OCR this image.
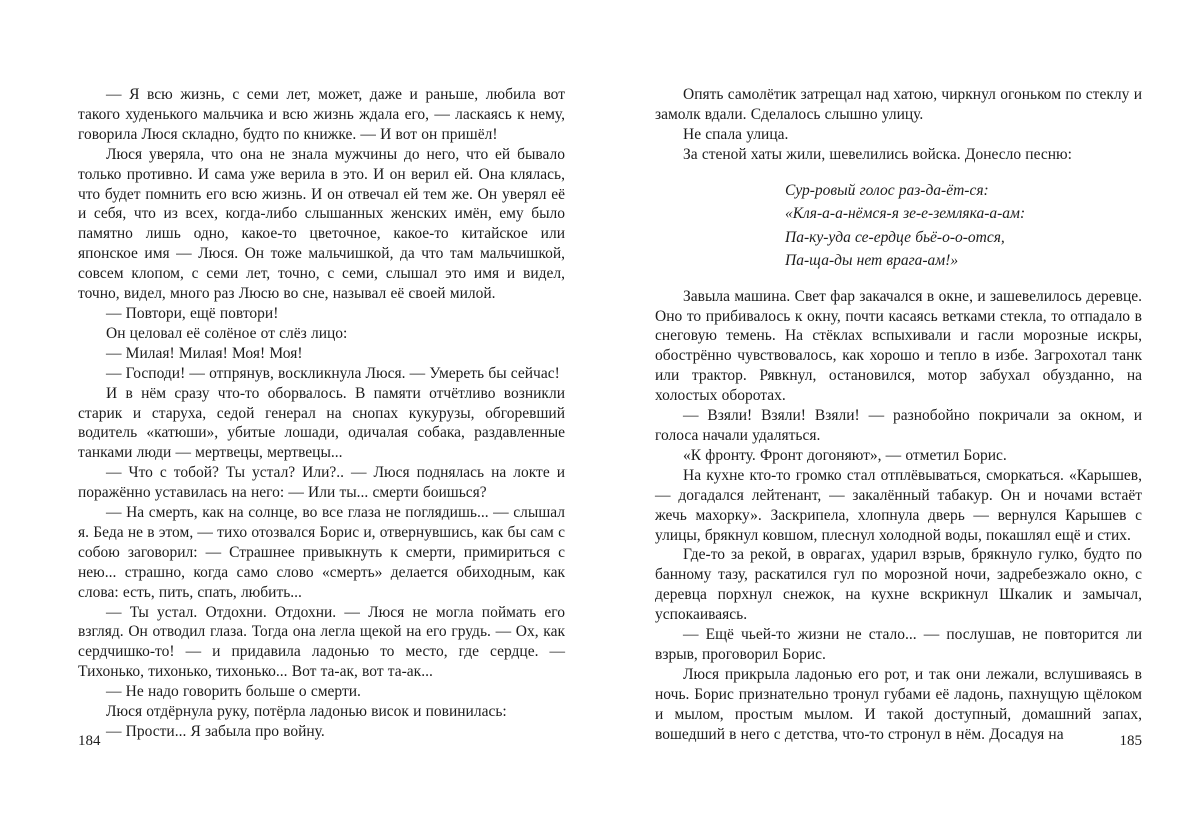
— Я всю жизнь, с семи лет, может, даже и раньше, любила вот такого худенького мальчика и всю жизнь ждала его, — ласкаясь к нему, говорила Люся складно, будто по книжке. — И вот он пришёл!

Люся уверяла, что она не знала мужчины до него, что ей бывало только противно. И сама уже верила в это. И он верил ей. Она клялась, что будет помнить его всю жизнь. И он отвечал ей тем же. Он уверял её и себя, что из всех, когда-либо слышанных женских имён, ему было памятно лишь одно, какое-то цветочное, какое-то китайское или японское имя — Люся. Он тоже мальчишкой, да что там мальчишкой, совсем клопом, с семи лет, точно, с семи, слышал это имя и видел, точно, видел, много раз Люсю во сне, называл её своей милой.

— Повтори, ещё повтори!

Он целовал её солёное от слёз лицо:

— Милая! Милая! Моя! Моя!

— Господи! — отпрянув, воскликнула Люся. — Умереть бы сейчас!

И в нём сразу что-то оборвалось. В памяти отчётливо возникли старик и старуха, седой генерал на снопах кукурузы, обгоревший водитель «катюши», убитые лошади, одичалая собака, раздавленные танками люди — мертвецы, мертвецы...

— Что с тобой? Ты устал? Или?.. — Люся поднялась на локте и поражённо уставилась на него: — Или ты... смерти боишься?

— На смерть, как на солнце, во все глаза не поглядишь... — слышал я. Беда не в этом, — тихо отозвался Борис и, отвернувшись, как бы сам с собою заговорил: — Страшнее привыкнуть к смерти, примириться с нею... страшно, когда само слово «смерть» делается обиходным, как слова: есть, пить, спать, любить...

— Ты устал. Отдохни. Отдохни. — Люся не могла поймать его взгляд. Он отводил глаза. Тогда она легла щекой на его грудь. — Ох, как сердчишко-то! — и придавила ладонью то место, где сердце. — Тихонько, тихонько, тихонько... Вот та-ак, вот та-ак...

— Не надо говорить больше о смерти.

Люся отдёрнула руку, потёрла ладонью висок и повинилась:

— Прости... Я забыла про войну.

Опять самолётик затрещал над хатою, чиркнул огоньком по стеклу и замолк вдали. Сделалось слышно улицу.

Не спала улица.

За стеной хаты жили, шевелились войска. Донесло песню:

Сур-ровый голос раз-да-ёт-ся:
«Кля-а-а-нёмся-я зе-е-земляка-а-ам:
Па-ку-уда се-ердце бьё-о-о-отся,
Па-ща-ды нет врага-ам!»

Завыла машина. Свет фар закачался в окне, и зашевелилось деревце. Оно то прибивалось к окну, почти касаясь ветками стекла, то отпадало в снеговую темень. На стёклах вспыхивали и гасли морозные искры, обострённо чувствовалось, как хорошо и тепло в избе. Загрохотал танк или трактор. Рявкнул, остановился, мотор забухал обузданно, на холостых оборотах.

— Взяли! Взяли! Взяли! — разнобойно покричали за окном, и голоса начали удаляться.

«К фронту. Фронт догоняют», — отметил Борис.

На кухне кто-то громко стал отплёвываться, сморкаться. «Карышев, — догадался лейтенант, — закалённый табакур. Он и ночами встаёт жечь махорку». Заскрипела, хлопнула дверь — вернулся Карышев с улицы, брякнул ковшом, плеснул холодной воды, покашлял ещё и стих.

Где-то за рекой, в оврагах, ударил взрыв, брякнуло гулко, будто по банному тазу, раскатился гул по морозной ночи, задребезжало окно, с деревца порхнул снежок, на кухне вскрикнул Шкалик и замычал, успокаиваясь.

— Ещё чьей-то жизни не стало... — послушав, не повторится ли взрыв, проговорил Борис.

Люся прикрыла ладонью его рот, и так они лежали, вслушиваясь в ночь. Борис признательно тронул губами её ладонь, пахнущую щёлоком и мылом, простым мылом. И такой доступный, домашний запах, вошедший в него с детства, что-то стронул в нём. Досадуя на

184	185
